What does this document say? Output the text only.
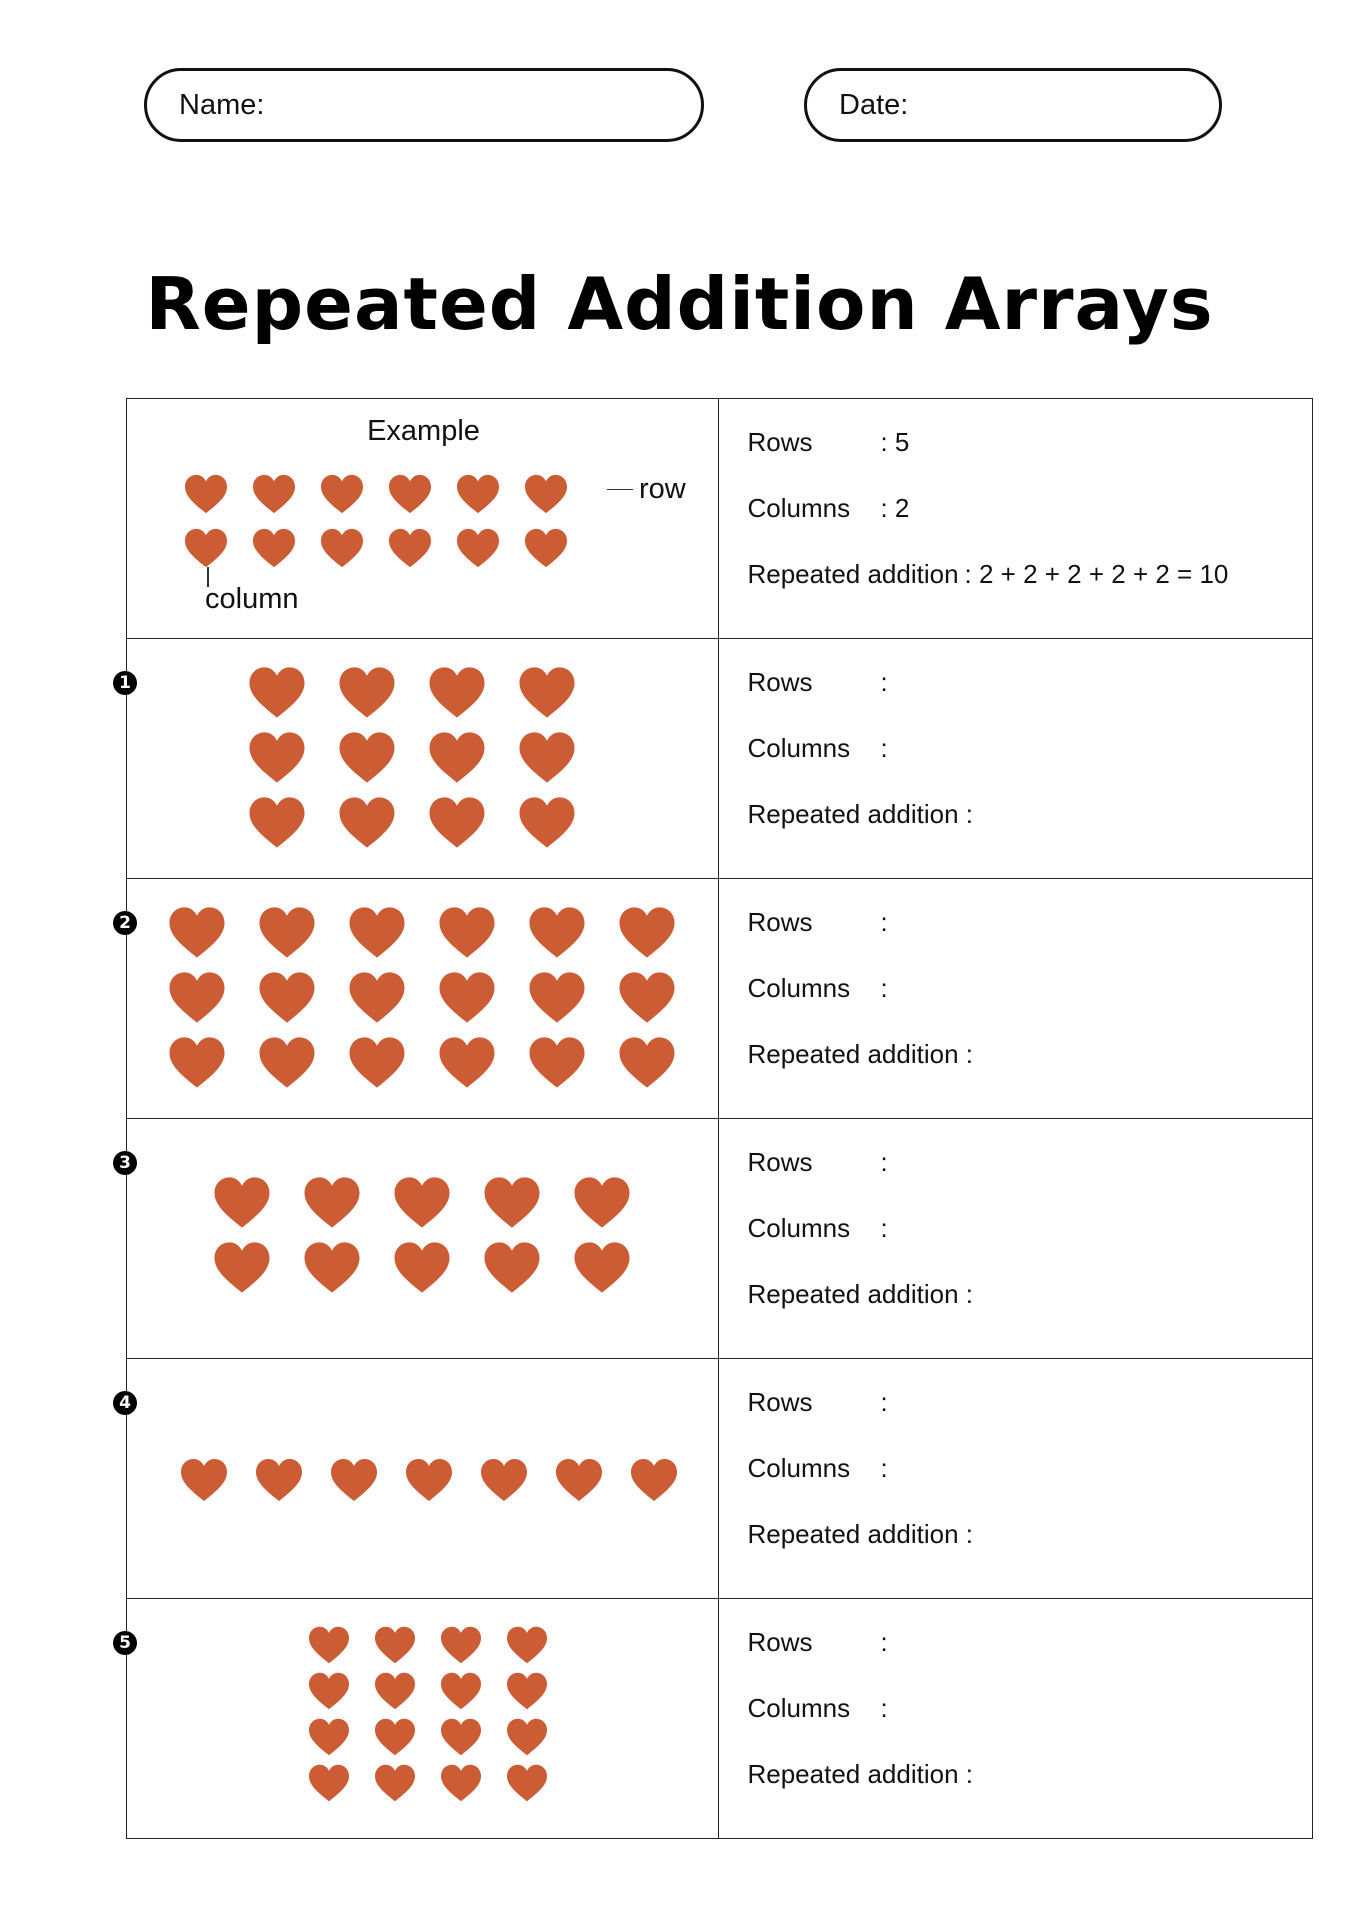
Name:	Date:
Repeated Addition Arrays
Example
row
column
Rows	: 5
Columns	: 2
Repeated addition : 2 + 2 + 2 + 2 + 2 = 10
1	Rows	:
Columns	:
Repeated addition :
2	Rows	:
Columns	:
Repeated addition :
3	Rows	:
Columns	:
Repeated addition :
4	Rows	:
Columns	:
Repeated addition :
5	Rows	:
Columns	:
Repeated addition :
